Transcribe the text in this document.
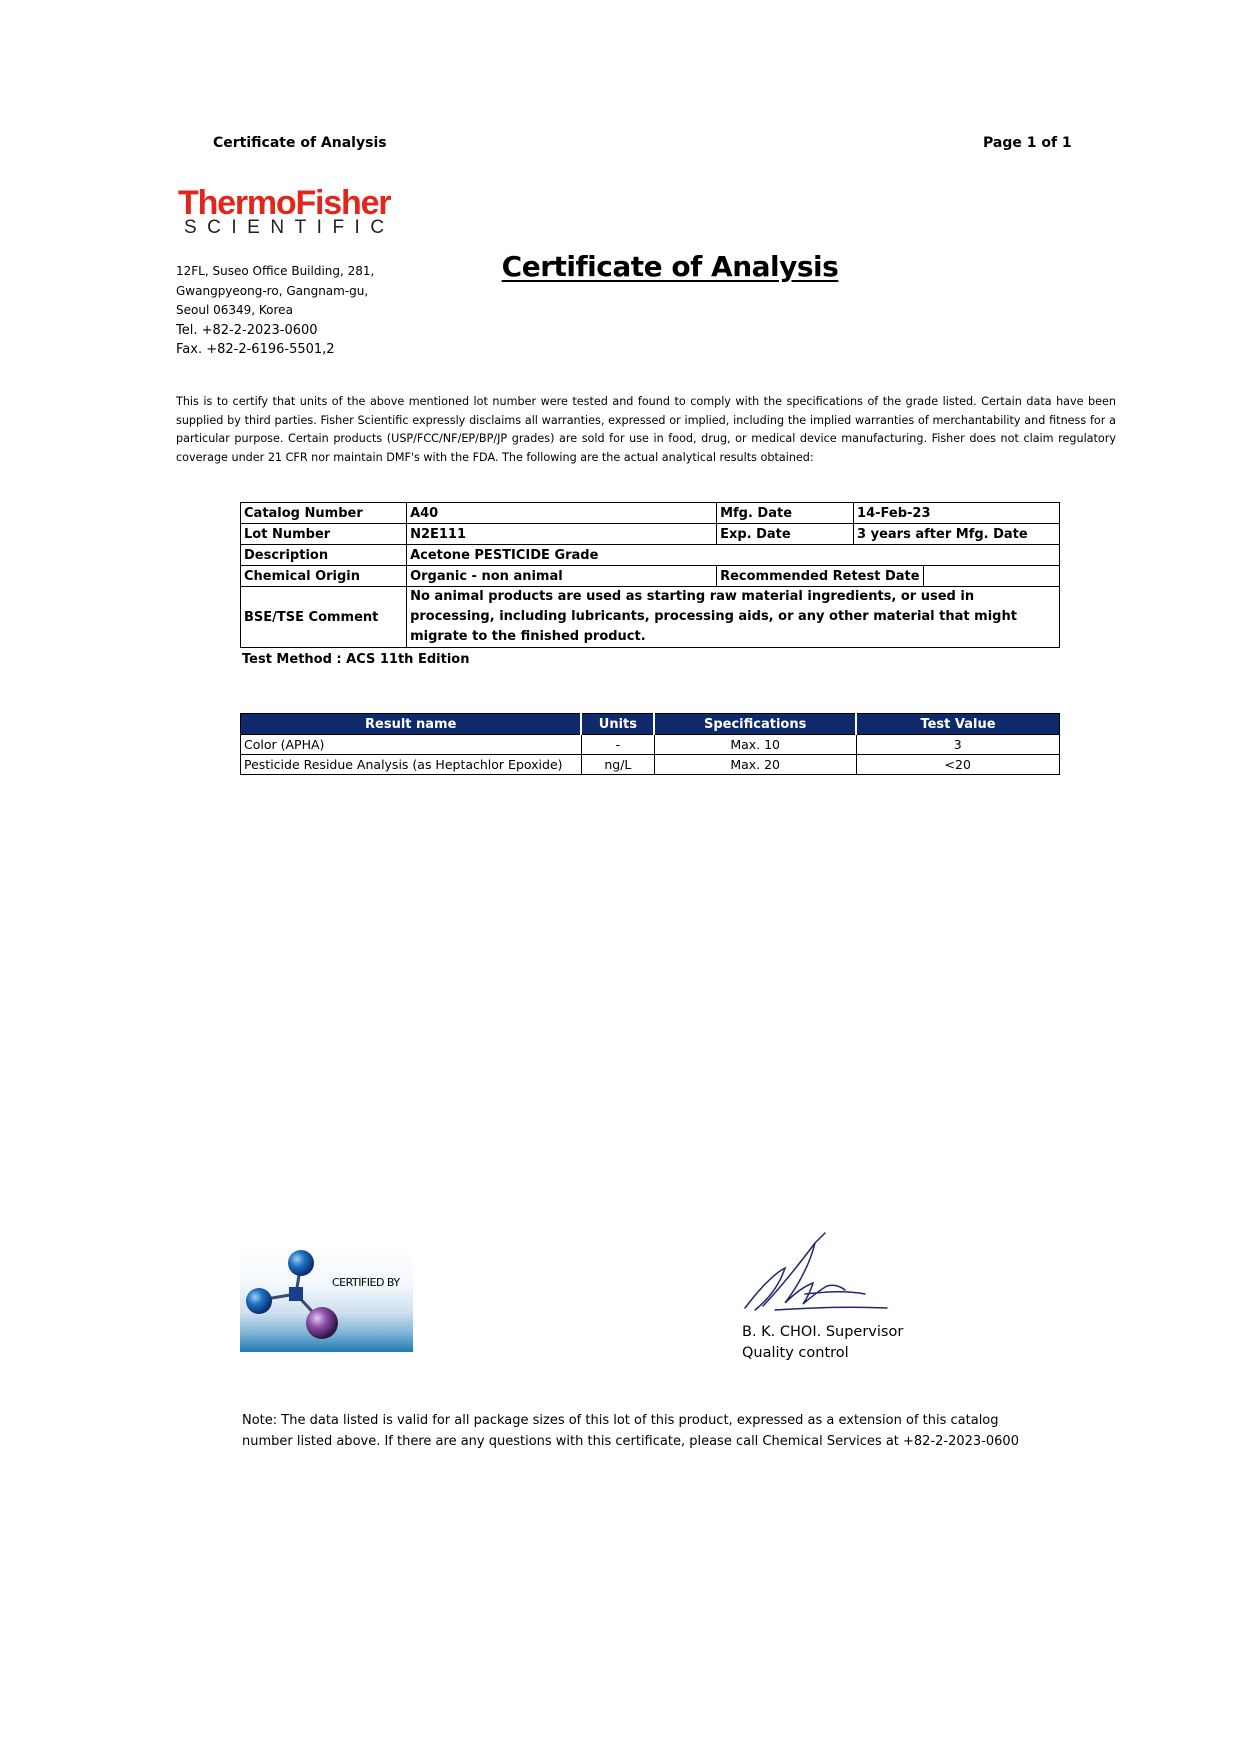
Certificate of Analysis	Page 1 of 1
ThermoFisher
SCIENTIFIC
12FL, Suseo Office Building, 281,
Gwangpyeong-ro, Gangnam-gu,
Seoul 06349, Korea
Tel. +82-2-2023-0600
Fax. +82-2-6196-5501,2
Certificate of Analysis
This is to certify that units of the above mentioned lot number were tested and found to comply with the specifications of the grade listed. Certain data have been supplied by third parties. Fisher Scientific expressly disclaims all warranties, expressed or implied, including the implied warranties of merchantability and fitness for a particular purpose. Certain products (USP/FCC/NF/EP/BP/JP grades) are sold for use in food, drug, or medical device manufacturing. Fisher does not claim regulatory coverage under 21 CFR nor maintain DMF's with the FDA. The following are the actual analytical results obtained:
Catalog Number	A40	Mfg. Date	14-Feb-23	
Lot Number	N2E111	Exp. Date	3 years after Mfg. Date	
Description	Acetone PESTICIDE Grade			
Chemical Origin	Organic - non animal	Recommended Retest Date		
BSE/TSE Comment	No animal products are used as starting raw material ingredients, or used in processing, including lubricants, processing aids, or any other material that might migrate to the finished product.			
Test Method : ACS 11th Edition
Result name	Units	Specifications	Test Value
Color (APHA)	-	Max. 10	3
Pesticide Residue Analysis (as Heptachlor Epoxide)	ng/L	Max. 20	<20
CERTIFIED BY
B. K. CHOI. Supervisor
Quality control
Note: The data listed is valid for all package sizes of this lot of this product, expressed as a extension of this catalog number listed above. If there are any questions with this certificate, please call Chemical Services at +82-2-2023-0600
